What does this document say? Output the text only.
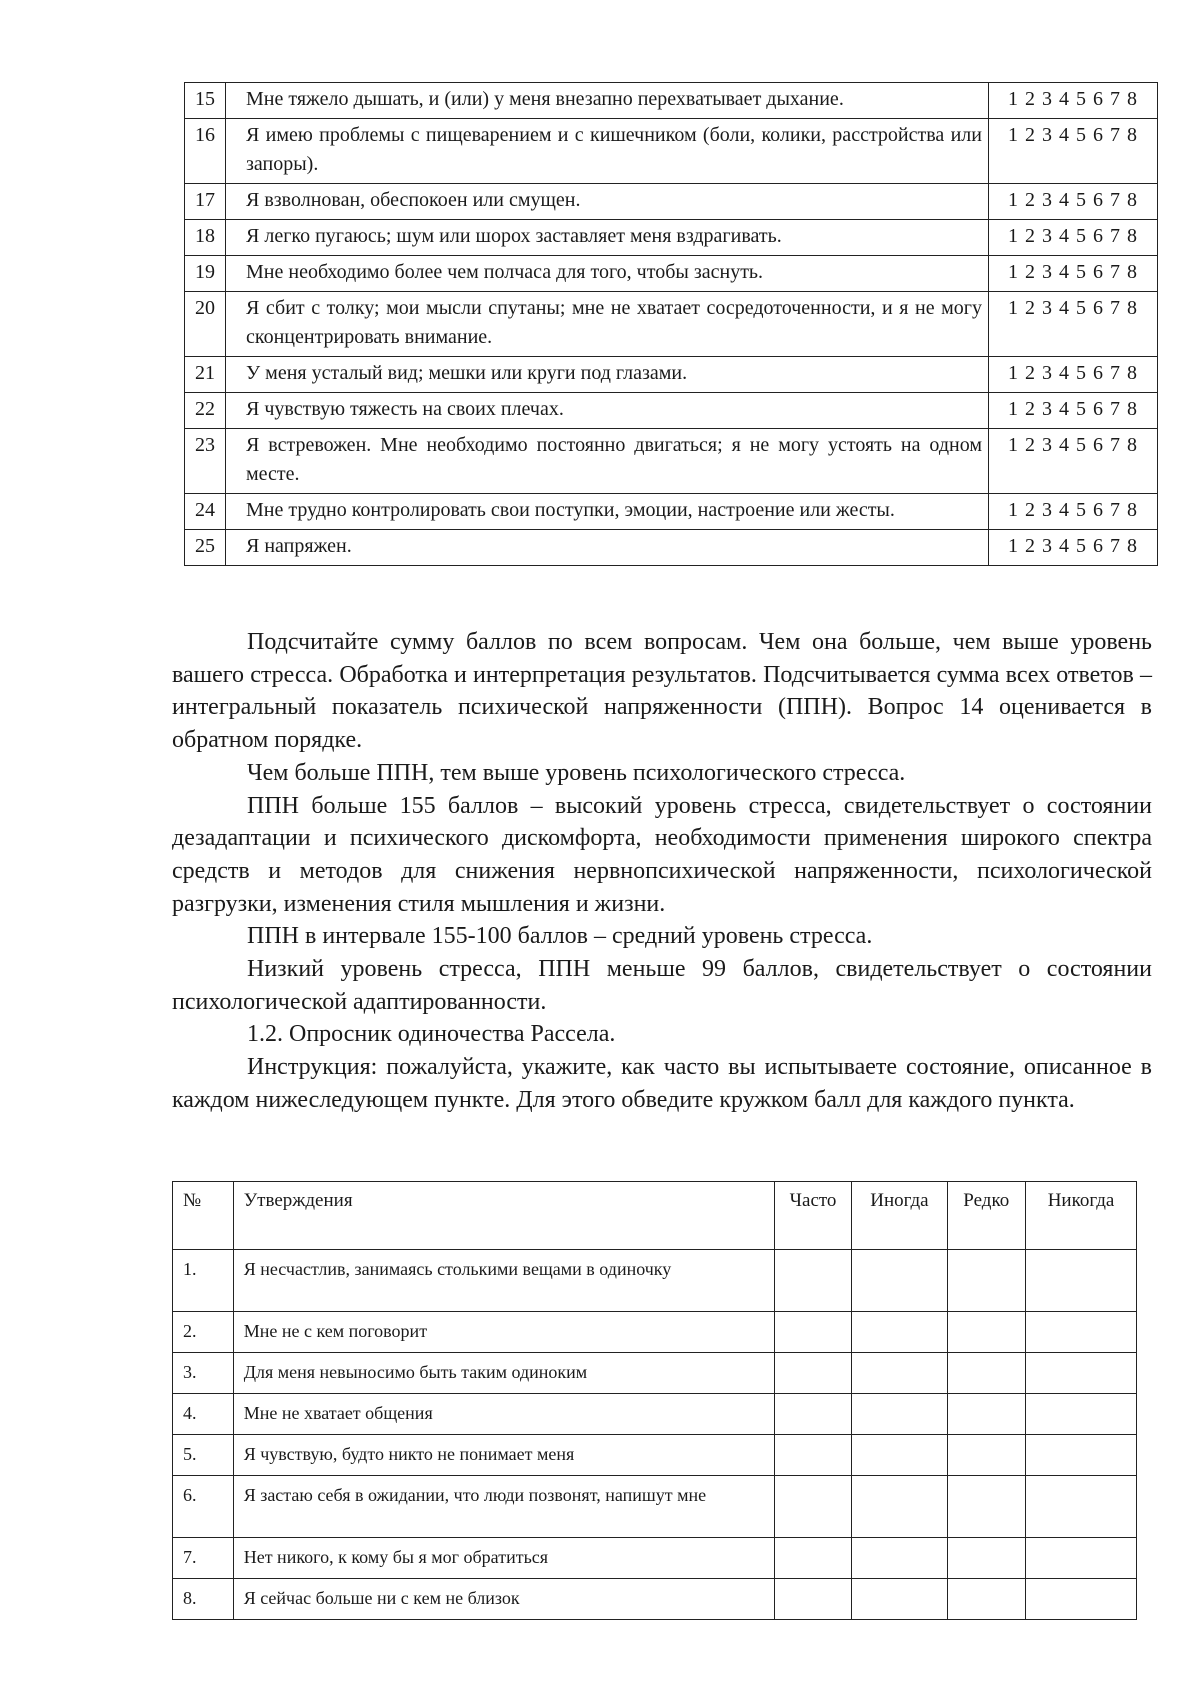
15	Мне тяжело дышать, и (или) у меня внезапно перехватывает дыхание.	1 2 3 4 5 6 7 8
16	Я имею проблемы с пищеварением и с кишечником (боли, колики, расстройства или запоры).	1 2 3 4 5 6 7 8
17	Я взволнован, обеспокоен или смущен.	1 2 3 4 5 6 7 8
18	Я легко пугаюсь; шум или шорох заставляет меня вздрагивать.	1 2 3 4 5 6 7 8
19	Мне необходимо более чем полчаса для того, чтобы заснуть.	1 2 3 4 5 6 7 8
20	Я сбит с толку; мои мысли спутаны; мне не хватает сосредоточенности, и я не могу сконцентрировать внимание.	1 2 3 4 5 6 7 8
21	У меня усталый вид; мешки или круги под глазами.	1 2 3 4 5 6 7 8
22	Я чувствую тяжесть на своих плечах.	1 2 3 4 5 6 7 8
23	Я встревожен. Мне необходимо постоянно двигаться; я не могу устоять на одном месте.	1 2 3 4 5 6 7 8
24	Мне трудно контролировать свои поступки, эмоции, настроение или жесты.	1 2 3 4 5 6 7 8
25	Я напряжен.	1 2 3 4 5 6 7 8

Подсчитайте сумму баллов по всем вопросам. Чем она больше, чем выше уровень вашего стресса. Обработка и интерпретация результатов. Подсчитывается сумма всех ответов – интегральный показатель психической напряженности (ППН). Вопрос 14 оценивается в обратном порядке.

Чем больше ППН, тем выше уровень психологического стресса.

ППН больше 155 баллов – высокий уровень стресса, свидетельствует о состоянии дезадаптации и психического дискомфорта, необходимости применения широкого спектра средств и методов для снижения нервнопсихической напряженности, психологической разгрузки, изменения стиля мышления и жизни.

ППН в интервале 155-100 баллов – средний уровень стресса.

Низкий уровень стресса, ППН меньше 99 баллов, свидетельствует о состоянии психологической адаптированности.

1.2. Опросник одиночества Рассела.

Инструкция: пожалуйста, укажите, как часто вы испытываете состояние, описанное в каждом нижеследующем пункте. Для этого обведите кружком балл для каждого пункта.

№	Утверждения	Часто	Иногда	Редко	Никогда
1.	Я несчастлив, занимаясь столькими вещами в одиночку				
2.	Мне не с кем поговорит				
3.	Для меня невыносимо быть таким одиноким				
4.	Мне не хватает общения				
5.	Я чувствую, будто никто не понимает меня				
6.	Я застаю себя в ожидании, что люди позвонят, напишут мне				
7.	Нет никого, к кому бы я мог обратиться				
8.	Я сейчас больше ни с кем не близок				
